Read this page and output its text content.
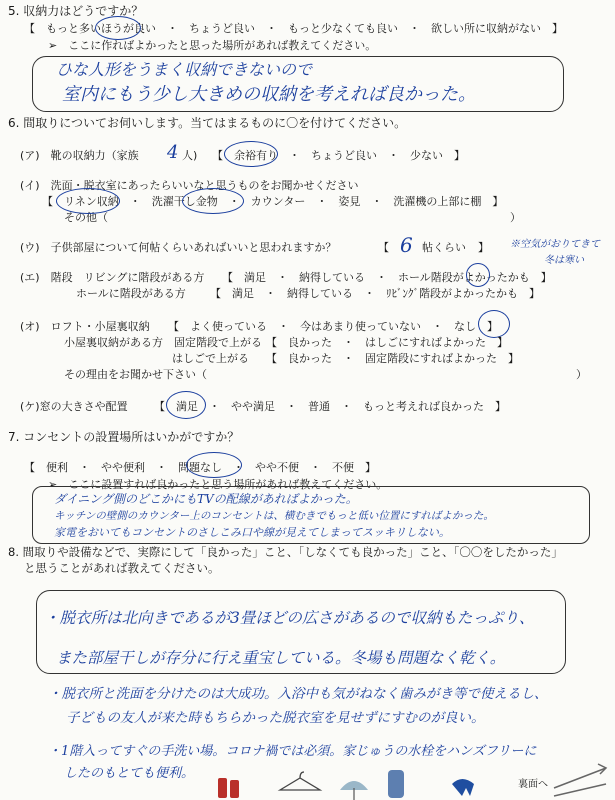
5. 収納力はどうですか？
【　もっと多いほうが良い　・　ちょうど良い　・　もっと少なくても良い　・　欲しい所に収納がない　】
➢　ここに作ればよかったと思った場所があれば教えてください。
ひな人形をうまく収納できないので
室内にもう少し大きめの収納を考えれば良かった。
6. 間取りについてお伺いします。当てはまるものに〇を付けてください。
(ア)　靴の収納力（家族 4 人) 【　余裕有り　・　ちょうど良い　・　少ない　】
(イ)　洗面・脱衣室にあったらいいなと思うものをお聞かせください
【　リネン収納　・　洗濯干し金物　・　カウンター　・　姿見　・　洗濯機の上部に棚　】
その他（	）
(ウ)　子供部屋について何帖くらいあればいいと思われますか？	【 6 帖くらい 】 ※空気がおりてきて
冬は寒い
(エ)　階段　リビングに階段がある方 【　満足　・　納得している　・　ホール階段がよかったかも　】
ホールに階段がある方 【　満足　・　納得している　・　ﾘﾋﾞﾝｸﾞ階段がよかったかも　】
(オ)　ロフト・小屋裏収納 【　よく使っている　・　今はあまり使っていない　・　なし　】
小屋裏収納がある方　固定階段で上がる 【　良かった　・　はしごにすればよかった　】
はしごで上がる 【　良かった　・　固定階段にすればよかった　】
その理由をお聞かせ下さい（	）
(ケ)窓の大きさや配置 【　満足　・　やや満足　・　普通　・　もっと考えれば良かった　】
7. コンセントの設置場所はいかがですか？
【　便利　・　やや便利　・　問題なし　・　やや不便　・　不便　】
➢　ここに設置すれば良かったと思う場所があれば教えてください。
ダイニング側のどこかにもTVの配線があればよかった。
キッチンの壁側のカウンター上のコンセントは、横むきでもっと低い位置にすればよかった。
家電をおいてもコンセントのさしこみ口や線が見えてしまってスッキリしない。
8. 間取りや設備などで、実際にして「良かった」こと、「しなくても良かった」こと、「〇〇をしたかった」
と思うことがあれば教えてください。
・脱衣所は北向きであるが3畳ほどの広さがあるので収納もたっぷり、
また部屋干しが存分に行え重宝している。冬場も問題なく乾く。
・脱衣所と洗面を分けたのは大成功。入浴中も気がねなく歯みがき等で使えるし、
子どもの友人が来た時もちらかった脱衣室を見せずにすむのが良い。
・1階入ってすぐの手洗い場。コロナ禍では必須。家じゅうの水栓をハンズフリーに
したのもとても便利。
裏面へ
